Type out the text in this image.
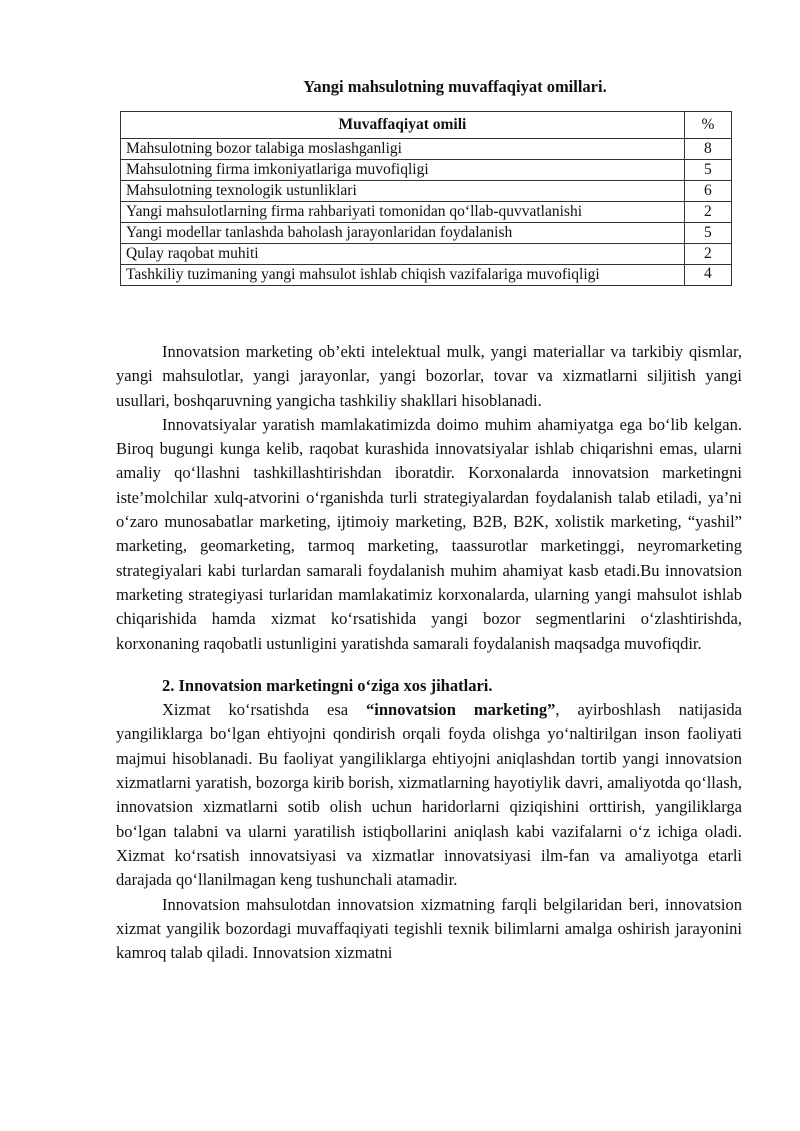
Yangi mahsulotning muvaffaqiyat omillari.
Muvaffaqiyat omili	%
Mahsulotning bozor talabiga moslashganligi	8
Mahsulotning firma imkoniyatlariga muvofiqligi	5
Mahsulotning texnologik ustunliklari	6
Yangi mahsulotlarning firma rahbariyati tomonidan qo‘llab-quvvatlanishi	2
Yangi modellar tanlashda baholash jarayonlaridan foydalanish	5
Qulay raqobat muhiti	2
Tashkiliy tuzimaning yangi mahsulot ishlab chiqish vazifalariga muvofiqligi	4

Innovatsion marketing ob’ekti intelektual mulk, yangi materiallar va tarkibiy qismlar, yangi mahsulotlar, yangi jarayonlar, yangi bozorlar, tovar va xizmatlarni siljitish yangi usullari, boshqaruvning yangicha tashkiliy shakllari hisoblanadi.

Innovatsiyalar yaratish mamlakatimizda doimo muhim ahamiyatga ega bo‘lib kelgan. Biroq bugungi kunga kelib, raqobat kurashida innovatsiyalar ishlab chiqarishni emas, ularni amaliy qo‘llashni tashkillashtirishdan iboratdir. Korxonalarda innovatsion marketingni iste’molchilar xulq-atvorini o‘rganishda turli strategiyalardan foydalanish talab etiladi, ya’ni o‘zaro munosabatlar marketing, ijtimoiy marketing, B2B, B2K, xolistik marketing, “yashil” marketing, geomarketing, tarmoq marketing, taassurotlar marketinggi, neyromarketing strategiyalari kabi turlardan samarali foydalanish muhim ahamiyat kasb etadi.Bu innovatsion marketing strategiyasi turlaridan mamlakatimiz korxonalarda, ularning yangi mahsulot ishlab chiqarishida hamda xizmat ko‘rsatishida yangi bozor segmentlarini o‘zlashtirishda, korxonaning raqobatli ustunligini yaratishda samarali foydalanish maqsadga muvofiqdir.

2. Innovatsion marketingni o‘ziga xos jihatlari.

Xizmat ko‘rsatishda esa “innovatsion marketing”, ayirboshlash natijasida yangiliklarga bo‘lgan ehtiyojni qondirish orqali foyda olishga yo‘naltirilgan inson faoliyati majmui hisoblanadi. Bu faoliyat yangiliklarga ehtiyojni aniqlashdan tortib yangi innovatsion xizmatlarni yaratish, bozorga kirib borish, xizmatlarning hayotiylik davri, amaliyotda qo‘llash, innovatsion xizmatlarni sotib olish uchun haridorlarni qiziqishini orttirish, yangiliklarga bo‘lgan talabni va ularni yaratilish istiqbollarini aniqlash kabi vazifalarni o‘z ichiga oladi. Xizmat ko‘rsatish innovatsiyasi va xizmatlar innovatsiyasi ilm-fan va amaliyotga etarli darajada qo‘llanilmagan keng tushunchali atamadir.

Innovatsion mahsulotdan innovatsion xizmatning farqli belgilaridan beri, innovatsion xizmat yangilik bozordagi muvaffaqiyati tegishli texnik bilimlarni amalga oshirish jarayonini kamroq talab qiladi. Innovatsion xizmatni
